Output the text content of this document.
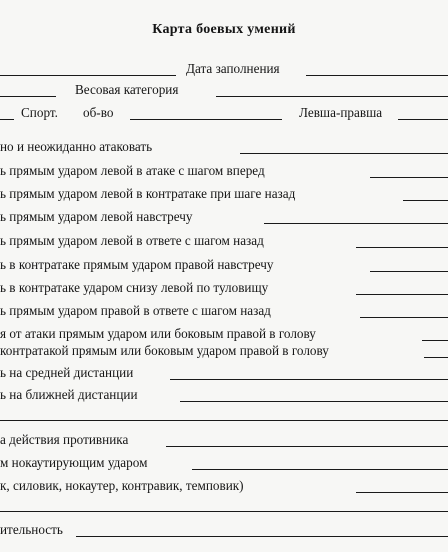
Карта боевых умений
Дата заполнения
Весовая категория
Спорт. об-во	Левша-правша
но и неожиданно атаковать
ь прямым ударом левой в атаке с шагом вперед
ь прямым ударом левой в контратаке при шаге назад
ь прямым ударом левой навстречу
ь прямым ударом левой в ответе с шагом назад
ь в контратаке прямым ударом правой навстречу
ь в контратаке ударом снизу левой по туловищу
ь прямым ударом правой в ответе с шагом назад
я от атаки прямым ударом или боковым правой в голову
контратакой прямым или боковым ударом правой в голову
ь на средней дистанции
ь на ближней дистанции
а действия противника
м нокаутирующим ударом
к, силовик, нокаутер, контравик, темповик)
ительность
